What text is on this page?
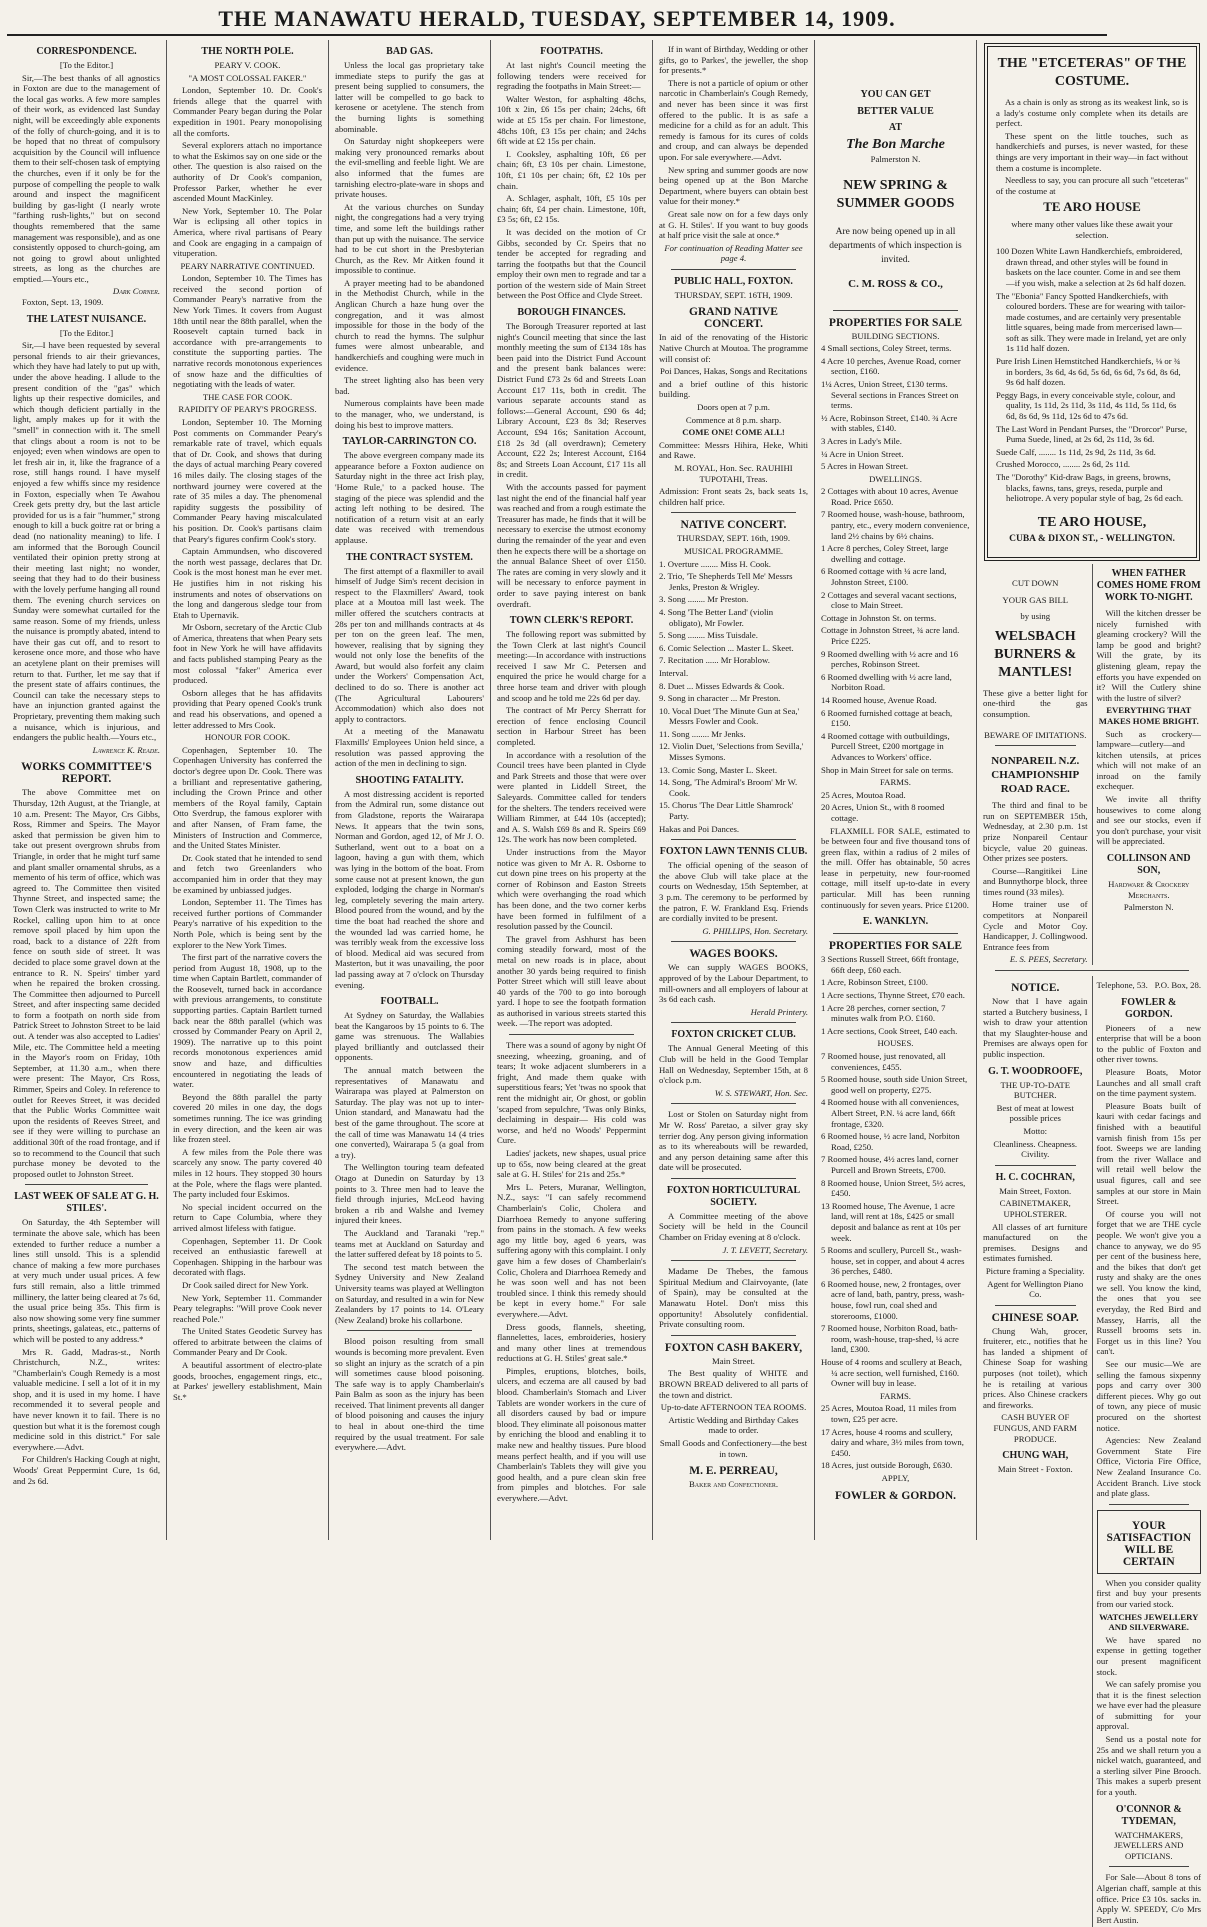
THE MANAWATU HERALD, TUESDAY, SEPTEMBER 14, 1909.
CORRESPONDENCE.
[To the Editor.]

Sir,—The best thanks of all agnostics in Foxton are due to the management of the local gas works. A few more samples of their work, as evidenced last Sunday night, will be exceedingly able exponents of the folly of church-going, and it is to be hoped that no threat of compulsory acquisition by the Council will influence them to their self-chosen task of emptying the churches, even if it only be for the purpose of compelling the people to walk around and inspect the magnificent building by gas-light (I nearly wrote "farthing rush-lights," but on second thoughts remembered that the same management was responsible), and as one consistently opposed to church-going, am not going to growl about unlighted streets, as long as the churches are emptied.—Yours etc.,

Dark Corner.

Foxton, Sept. 13, 1909.

THE LATEST NUISANCE.
[To the Editor.]

Sir,—I have been requested by several personal friends to air their grievances, which they have had lately to put up with, under the above heading. I allude to the present condition of the "gas" which lights up their respective domiciles, and which though deficient partially in the light, amply makes up for it with the "smell" in connection with it. The smell that clings about a room is not to be enjoyed; even when windows are open to let fresh air in, it, like the fragrance of a rose, still hangs round. I have myself enjoyed a few whiffs since my residence in Foxton, especially when Te Awahou Creek gets pretty dry, but the last article provided for us is a fair "hummer," strong enough to kill a buck goitre rat or bring a dead (no nationality meaning) to life. I am informed that the Borough Council ventilated their opinion pretty strong at their meeting last night; no wonder, seeing that they had to do their business with the lovely perfume hanging all round them. The evening church services on Sunday were somewhat curtailed for the same reason. Some of my friends, unless the nuisance is promptly abated, intend to have their gas cut off, and to resort to kerosene once more, and those who have an acetylene plant on their premises will return to that. Further, let me say that if the present state of affairs continues, the Council can take the necessary steps to have an injunction granted against the Proprietary, preventing them making such a nuisance, which is injurious, and endangers the public health.—Yours etc.,

Lawrence K. Reade.
WORKS COMMITTEE'S REPORT.

The above Committee met on Thursday, 12th August, at the Triangle, at 10 a.m. Present: The Mayor, Crs Gibbs, Ross, Rimmer and Speirs. The Mayor asked that permission be given him to take out present overgrown shrubs from Triangle, in order that he might turf same and plant smaller ornamental shrubs, as a memento of his term of office, which was agreed to. The Committee then visited Thynne Street, and inspected same; the Town Clerk was instructed to write to Mr Rockel, calling upon him to at once remove spoil placed by him upon the road, back to a distance of 22ft from fence on south side of street. It was decided to place some gravel down at the entrance to R. N. Speirs' timber yard when he repaired the broken crossing. The Committee then adjourned to Purcell Street, and after inspecting same decided to form a footpath on north side from Patrick Street to Johnston Street to be laid out. A tender was also accepted to Ladies' Mile, etc. The Committee held a meeting in the Mayor's room on Friday, 10th September, at 11.30 a.m., when there were present: The Mayor, Crs Ross, Rimmer, Speirs and Coley. In reference to outlet for Reeves Street, it was decided that the Public Works Committee wait upon the residents of Reeves Street, and see if they were willing to purchase an additional 30ft of the road frontage, and if so to recommend to the Council that such purchase money be devoted to the proposed outlet to Johnston Street.

LAST WEEK OF SALE AT G. H. STILES'.

On Saturday, the 4th September will terminate the above sale, which has been extended to further reduce a number a lines still unsold. This is a splendid chance of making a few more purchases at very much under usual prices. A few furs still remain, also a little trimmed millinery, the latter being cleared at 7s 6d, the usual price being 35s. This firm is also now showing some very fine summer prints, sheetings, galateas, etc., patterns of which will be posted to any address.*

Mrs R. Gadd, Madras-st., North Christchurch, N.Z., writes: "Chamberlain's Cough Remedy is a most valuable medicine. I sell a lot of it in my shop, and it is used in my home. I have recommended it to several people and have never known it to fail. There is no question but what it is the foremost cough medicine sold in this district." For sale everywhere.—Advt.

For Children's Hacking Cough at night, Woods' Great Peppermint Cure, 1s 6d, and 2s 6d.

THE NORTH POLE.
PEARY V. COOK.
"A MOST COLOSSAL FAKER."

London, September 10. Dr. Cook's friends allege that the quarrel with Commander Peary began during the Polar expedition in 1901. Peary monopolising all the comforts.

Several explorers attach no importance to what the Eskimos say on one side or the other. The question is also raised on the authority of Dr Cook's companion, Professor Parker, whether he ever ascended Mount MacKinley.

New York, September 10. The Polar War is eclipsing all other topics in America, where rival partisans of Peary and Cook are engaging in a campaign of vituperation.

PEARY NARRATIVE CONTINUED.

London, September 10. The Times has received the second portion of Commander Peary's narrative from the New York Times. It covers from August 18th until near the 88th parallel, when the Roosevelt captain turned back in accordance with pre-arrangements to constitute the supporting parties. The narrative records monotonous experiences of snow haze and the difficulties of negotiating with the leads of water.

THE CASE FOR COOK.
RAPIDITY OF PEARY'S PROGRESS.

London, September 10. The Morning Post comments on Commander Peary's remarkable rate of travel, which equals that of Dr. Cook, and shows that during the days of actual marching Peary covered 16 miles daily. The closing stages of the northward journey were covered at the rate of 35 miles a day. The phenomenal rapidity suggests the possibility of Commander Peary having miscalculated his position. Dr. Cook's partisans claim that Peary's figures confirm Cook's story.

Captain Ammundsen, who discovered the north west passage, declares that Dr. Cook is the most honest man he ever met. He justifies him in not risking his instruments and notes of observations on the long and dangerous sledge tour from Etah to Upernavik.

Mr Osborn, secretary of the Arctic Club of America, threatens that when Peary sets foot in New York he will have affidavits and facts published stamping Peary as the most colossal "faker" America ever produced.

Osborn alleges that he has affidavits providing that Peary opened Cook's trunk and read his observations, and opened a letter addressed to Mrs Cook.

HONOUR FOR COOK.

Copenhagen, September 10. The Copenhagen University has conferred the doctor's degree upon Dr. Cook. There was a brilliant and representative gathering, including the Crown Prince and other members of the Royal family, Captain Otto Sverdrup, the famous explorer with and after Nansen, of Fram fame, the Ministers of Instruction and Commerce, and the United States Minister.

Dr. Cook stated that he intended to send and fetch two Greenlanders who accompanied him in order that they may be examined by unbiassed judges.

London, September 11. The Times has received further portions of Commander Peary's narrative of his expedition to the North Pole, which is being sent by the explorer to the New York Times.

The first part of the narrative covers the period from August 18, 1908, up to the time when Captain Bartlett, commander of the Roosevelt, turned back in accordance with previous arrangements, to constitute supporting parties. Captain Bartlett turned back near the 88th parallel (which was crossed by Commander Peary on April 2, 1909). The narrative up to this point records monotonous experiences amid snow and haze, and difficulties encountered in negotiating the leads of water.

Beyond the 88th parallel the party covered 20 miles in one day, the dogs sometimes running. The ice was grinding in every direction, and the keen air was like frozen steel.

A few miles from the Pole there was scarcely any snow. The party covered 40 miles in 12 hours. They stopped 30 hours at the Pole, where the flags were planted. The party included four Eskimos.

No special incident occurred on the return to Cape Columbia, where they arrived almost lifeless with fatigue.

Copenhagen, September 11. Dr Cook received an enthusiastic farewell at Copenhagen. Shipping in the harbour was decorated with flags.

Dr Cook sailed direct for New York.

New York, September 11. Commander Peary telegraphs: "Will prove Cook never reached Pole."

The United States Geodetic Survey has offered to arbitrate between the claims of Commander Peary and Dr Cook.

A beautiful assortment of electro-plate goods, brooches, engagement rings, etc., at Parkes' jewellery establishment, Main St.*

BAD GAS.

Unless the local gas proprietary take immediate steps to purify the gas at present being supplied to consumers, the latter will be compelled to go back to kerosene or acetylene. The stench from the burning lights is something abominable.

On Saturday night shopkeepers were making very pronounced remarks about the evil-smelling and feeble light. We are also informed that the fumes are tarnishing electro-plate-ware in shops and private houses.

At the various churches on Sunday night, the congregations had a very trying time, and some left the buildings rather than put up with the nuisance. The service had to be cut short in the Presbyterian Church, as the Rev. Mr Aitken found it impossible to continue.

A prayer meeting had to be abandoned in the Methodist Church, while in the Anglican Church a haze hung over the congregation, and it was almost impossible for those in the body of the church to read the hymns. The sulphur fumes were almost unbearable, and handkerchiefs and coughing were much in evidence.

The street lighting also has been very bad.

Numerous complaints have been made to the manager, who, we understand, is doing his best to improve matters.

TAYLOR-CARRINGTON CO.

The above evergreen company made its appearance before a Foxton audience on Saturday night in the three act Irish play, 'Home Rule,' to a packed house. The staging of the piece was splendid and the acting left nothing to be desired. The notification of a return visit at an early date was received with tremendous applause.

THE CONTRACT SYSTEM.

The first attempt of a flaxmiller to avail himself of Judge Sim's recent decision in respect to the Flaxmillers' Award, took place at a Moutoa mill last week. The miller offered the scutchers contracts at 28s per ton and millhands contracts at 4s per ton on the green leaf. The men, however, realising that by signing they would not only lose the benefits of the Award, but would also forfeit any claim under the Workers' Compensation Act, declined to do so. There is another act (The Agricultural Labourers' Accommodation) which also does not apply to contractors.

At a meeting of the Manawatu Flaxmills' Employees Union held since, a resolution was passed approving the action of the men in declining to sign.

SHOOTING FATALITY.

A most distressing accident is reported from the Admiral run, some distance out from Gladstone, reports the Wairarapa News. It appears that the twin sons, Norman and Gordon, aged 12, of Mr J. O. Sutherland, went out to a boat on a lagoon, having a gun with them, which was lying in the bottom of the boat. From some cause not at present known, the gun exploded, lodging the charge in Norman's leg, completely severing the main artery. Blood poured from the wound, and by the time the boat had reached the shore and the wounded lad was carried home, he was terribly weak from the excessive loss of blood. Medical aid was secured from Masterton, but it was unavailing, the poor lad passing away at 7 o'clock on Thursday evening.

FOOTBALL.

At Sydney on Saturday, the Wallabies beat the Kangaroos by 15 points to 6. The game was strenuous. The Wallabies played brilliantly and outclassed their opponents.

The annual match between the representatives of Manawatu and Wairarapa was played at Palmerston on Saturday. The play was not up to inter-Union standard, and Manawatu had the best of the game throughout. The score at the call of time was Manawatu 14 (4 tries one converted), Wairarapa 5 (a goal from a try).

The Wellington touring team defeated Otago at Dunedin on Saturday by 13 points to 3. Three men had to leave the field through injuries, McLeod having broken a rib and Walshe and Ivemey injured their knees.

The Auckland and Taranaki "rep." teams met at Auckland on Saturday and the latter suffered defeat by 18 points to 5.

The second test match between the Sydney University and New Zealand University teams was played at Wellington on Saturday, and resulted in a win for New Zealanders by 17 points to 14. O'Leary (New Zealand) broke his collarbone.

Blood poison resulting from small wounds is becoming more prevalent. Even so slight an injury as the scratch of a pin will sometimes cause blood poisoning. The safe way is to apply Chamberlain's Pain Balm as soon as the injury has been received. That liniment prevents all danger of blood poisoning and causes the injury to heal in about one-third the time required by the usual treatment. For sale everywhere.—Advt.

FOOTPATHS.

At last night's Council meeting the following tenders were received for regrading the footpaths in Main Street:—

Walter Weston, for asphalting 48chs, 10ft x 2in, £6 15s per chain; 24chs, 6ft wide at £5 15s per chain. For limestone, 48chs 10ft, £3 15s per chain; and 24chs 6ft wide at £2 15s per chain.

I. Cooksley, asphalting 10ft, £6 per chain; 6ft, £3 10s per chain. Limestone, 10ft, £1 10s per chain; 6ft, £2 10s per chain.

A. Schlager, asphalt, 10ft, £5 10s per chain; 6ft, £4 per chain. Limestone, 10ft, £3 5s; 6ft, £2 15s.

It was decided on the motion of Cr Gibbs, seconded by Cr. Speirs that no tender be accepted for regrading and tarring the footpaths but that the Council employ their own men to regrade and tar a portion of the western side of Main Street between the Post Office and Clyde Street.

BOROUGH FINANCES.

The Borough Treasurer reported at last night's Council meeting that since the last monthly meeting the sum of £134 18s has been paid into the District Fund Account and the present bank balances were: District Fund £73 2s 6d and Streets Loan Account £17 11s, both in credit. The various separate accounts stand as follows:—General Account, £90 6s 4d; Library Account, £23 8s 3d; Reserves Account, £94 16s; Sanitation Account, £18 2s 3d (all overdrawn); Cemetery Account, £22 2s; Interest Account, £164 8s; and Streets Loan Account, £17 11s all in credit.

With the accounts passed for payment last night the end of the financial half year was reached and from a rough estimate the Treasurer has made, he finds that it will be necessary to exercise the utmost economy during the remainder of the year and even then he expects there will be a shortage on the annual Balance Sheet of over £150. The rates are coming in very slowly and it will be necessary to enforce payment in order to save paying interest on bank overdraft.

TOWN CLERK'S REPORT.

The following report was submitted by the Town Clerk at last night's Council meeting:—In accordance with instructions received I saw Mr C. Petersen and enquired the price he would charge for a three horse team and driver with plough and scoop and he told me 22s 6d per day.

The contract of Mr Percy Sherratt for erection of fence enclosing Council section in Harbour Street has been completed.

In accordance with a resolution of the Council trees have been planted in Clyde and Park Streets and those that were over were planted in Liddell Street, the Saleyards. Committee called for tenders for the shelters. The tenders received were William Rimmer, at £44 10s (accepted); and A. S. Walsh £69 8s and R. Speirs £69 12s. The work has now been completed.

Under instructions from the Mayor notice was given to Mr A. R. Osborne to cut down pine trees on his property at the corner of Robinson and Easton Streets which were overhanging the road which has been done, and the two corner kerbs have been formed in fulfilment of a resolution passed by the Council.

The gravel from Ashhurst has been coming steadily forward, most of the metal on new roads is in place, about another 30 yards being required to finish Potter Street which will still leave about 40 yards of the 700 to go into borough yard. I hope to see the footpath formation as authorised in various streets started this week. —The report was adopted.

There was a sound of agony by night Of sneezing, wheezing, groaning, and of tears; It woke adjacent slumberers in a fright, And made them quake with superstitious fears; Yet 'twas no spook that rent the midnight air, Or ghost, or goblin 'scaped from sepulchre, 'Twas only Binks, declaiming in despair— His cold was worse, and he'd no Woods' Peppermint Cure.

Ladies' jackets, new shapes, usual price up to 65s, now being cleared at the great sale at G. H. Stiles' for 21s and 25s.*

Mrs L. Peters, Muranar, Wellington, N.Z., says: "I can safely recommend Chamberlain's Colic, Cholera and Diarrhoea Remedy to anyone suffering from pains in the stomach. A few weeks ago my little boy, aged 6 years, was suffering agony with this complaint. I only gave him a few doses of Chamberlain's Colic, Cholera and Diarrhoea Remedy and he was soon well and has not been troubled since. I think this remedy should be kept in every home." For sale everywhere.—Advt.

Dress goods, flannels, sheeting, flannelettes, laces, embroideries, hosiery and many other lines at tremendous reductions at G. H. Stiles' great sale.*

Pimples, eruptions, blotches, boils, ulcers, and eczema are all caused by bad blood. Chamberlain's Stomach and Liver Tablets are wonder workers in the cure of all disorders caused by bad or impure blood. They eliminate all poisonous matter by enriching the blood and enabling it to make new and healthy tissues. Pure blood means perfect health, and if you will use Chamberlain's Tablets they will give you good health, and a pure clean skin free from pimples and blotches. For sale everywhere.—Advt.

If in want of Birthday, Wedding or other gifts, go to Parkes', the jeweller, the shop for presents.*

There is not a particle of opium or other narcotic in Chamberlain's Cough Remedy, and never has been since it was first offered to the public. It is as safe a medicine for a child as for an adult. This remedy is famous for its cures of colds and croup, and can always be depended upon. For sale everywhere.—Advt.

New spring and summer goods are now being opened up at the Bon Marche Department, where buyers can obtain best value for their money.*

Great sale now on for a few days only at G. H. Stiles'. If you want to buy goods at half price visit the sale at once.*

For continuation of Reading Matter see page 4.
PUBLIC HALL, FOXTON.
THURSDAY, SEPT. 16TH, 1909.
GRAND NATIVE CONCERT.

In aid of the renovating of the Historic Native Church at Moutoa. The programme will consist of:

Poi Dances, Hakas, Songs and Recitations

and a brief outline of this historic building.

Doors open at 7 p.m.
Commence at 8 p.m. sharp.
COME ONE! COME ALL!

Committee: Messrs Hihira, Heke, Whiti and Rawe.

M. ROYAL, Hon. Sec. RAUHIHI TUPOTAHI, Treas.

Admission: Front seats 2s, back seats 1s, children half price.

NATIVE CONCERT.
THURSDAY, SEPT. 16th, 1909.
MUSICAL PROGRAMME.
1. Overture ........ Miss H. Cook.
2. Trio, 'Te Shepherds Tell Me' Messrs Jenks, Preston & Wrigley.
3. Song ........ Mr Preston.
4. Song 'The Better Land' (violin obligato), Mr Fowler.
5. Song ........ Miss Tuisdale.
6. Comic Selection ... Master L. Skeet.
7. Recitation ...... Mr Horablow.
Interval.
8. Duet ... Misses Edwards & Cook.
9. Song in character ... Mr Preston.
10. Vocal Duet 'The Minute Gun at Sea,' Messrs Fowler and Cook.
11. Song ........ Mr Jenks.
12. Violin Duet, 'Selections from Sevilla,' Misses Symons.
13. Comic Song, Master L. Skeet.
14. Song, 'The Admiral's Broom' Mr W. Cook.
15. Chorus 'The Dear Little Shamrock' Party.
Hakas and Poi Dances.
FOXTON LAWN TENNIS CLUB.

The official opening of the season of the above Club will take place at the courts on Wednesday, 15th September, at 3 p.m. The ceremony to be performed by the patron, F. W. Frankland Esq. Friends are cordially invited to be present.

G. PHILLIPS, Hon. Secretary.
WAGES BOOKS.

We can supply WAGES BOOKS, approved of by the Labour Department, to mill-owners and all employers of labour at 3s 6d each cash.

Herald Printery.
FOXTON CRICKET CLUB.

The Annual General Meeting of this Club will be held in the Good Templar Hall on Wednesday, September 15th, at 8 o'clock p.m.

W. S. STEWART, Hon. Sec.

Lost or Stolen on Saturday night from Mr W. Ross' Paretao, a silver gray sky terrier dog. Any person giving information as to its whereabouts will be rewarded, and any person detaining same after this date will be prosecuted.

FOXTON HORTICULTURAL SOCIETY.

A Committee meeting of the above Society will be held in the Council Chamber on Friday evening at 8 o'clock.

J. T. LEVETT, Secretary.

Madame De Thebes, the famous Spiritual Medium and Clairvoyante, (late of Spain), may be consulted at the Manawatu Hotel. Don't miss this opportunity! Absolutely confidential. Private consulting room.

FOXTON CASH BAKERY,
Main Street.

The Best quality of WHITE and BROWN BREAD delivered to all parts of the town and district.

Up-to-date AFTERNOON TEA ROOMS.
Artistic Wedding and Birthday Cakes made to order.
Small Goods and Confectionery—the best in town.
M. E. PERREAU,
Baker and Confectioner.
YOU CAN GET
BETTER VALUE
AT
The Bon Marche
Palmerston N.
NEW SPRING & SUMMER GOODS

Are now being opened up in all departments of which inspection is invited.

C. M. ROSS & CO.,
PROPERTIES FOR SALE
BUILDING SECTIONS.
4 Small sections, Coley Street, terms.
4 Acre 10 perches, Avenue Road, corner section, £160.
1¼ Acres, Union Street, £130 terms. Several sections in Frances Street on terms.
½ Acre, Robinson Street, £140. ¾ Acre with stables, £140.
3 Acres in Lady's Mile.
¼ Acre in Union Street.
5 Acres in Howan Street.
DWELLINGS.
2 Cottages with about 10 acres, Avenue Road. Price £650.
7 Roomed house, wash-house, bathroom, pantry, etc., every modern convenience, land 2½ chains by 6½ chains.
1 Acre 8 perches, Coley Street, large dwelling and cottage.
6 Roomed cottage with ¼ acre land, Johnston Street, £100.
2 Cottages and several vacant sections, close to Main Street.
Cottage in Johnston St. on terms.
Cottage in Johnston Street, ¾ acre land. Price £225.
9 Roomed dwelling with ½ acre and 16 perches, Robinson Street.
6 Roomed dwelling with ½ acre land, Norbiton Road.
14 Roomed house, Avenue Road.
6 Roomed furnished cottage at beach, £150.
4 Roomed cottage with outbuildings, Purcell Street, £200 mortgage in Advances to Workers' office.
Shop in Main Street for sale on terms.
FARMS.
25 Acres, Moutoa Road.
20 Acres, Union St., with 8 roomed cottage.

FLAXMILL FOR SALE, estimated to be between four and five thousand tons of green flax, within a radius of 2 miles of the mill. Offer has obtainable, 50 acres lease in perpetuity, new four-roomed cottage, mill itself up-to-date in every particular. Mill has been running continuously for seven years. Price £1200.

E. WANKLYN.
PROPERTIES FOR SALE
3 Sections Russell Street, 66ft frontage, 66ft deep, £60 each.
1 Acre, Robinson Street, £100.
1 Acre sections, Thynne Street, £70 each.
1 Acre 28 perches, corner section, 7 minutes walk from P.O. £160.
1 Acre sections, Cook Street, £40 each.
HOUSES.
7 Roomed house, just renovated, all conveniences, £455.
5 Roomed house, south side Union Street, good well on property, £275.
4 Roomed house with all conveniences, Albert Street, P.N. ¼ acre land, 66ft frontage, £320.
6 Roomed house, ½ acre land, Norbiton Road, £250.
7 Roomed house, 4½ acres land, corner Purcell and Brown Streets, £700.
8 Roomed house, Union Street, 5½ acres, £450.
13 Roomed house, The Avenue, 1 acre land, will rent at 18s, £425 or small deposit and balance as rent at 10s per week.
5 Rooms and scullery, Purcell St., wash-house, set in copper, and about 4 acres 36 perches, £480.
6 Roomed house, new, 2 frontages, over acre of land, bath, pantry, press, wash-house, fowl run, coal shed and storerooms, £1000.
7 Roomed house, Norbiton Road, bath-room, wash-house, trap-shed, ¼ acre land, £300.
House of 4 rooms and scullery at Beach, ¼ acre section, well furnished, £160. Owner will buy in lease.
FARMS.
25 Acres, Moutoa Road, 11 miles from town, £25 per acre.
17 Acres, house 4 rooms and scullery, dairy and whare, 3½ miles from town, £450.
18 Acres, just outside Borough, £630.
APPLY,
FOWLER & GORDON.
THE "ETCETERAS" OF THE COSTUME.

As a chain is only as strong as its weakest link, so is a lady's costume only complete when its details are perfect.

These spent on the little touches, such as handkerchiefs and purses, is never wasted, for these things are very important in their way—in fact without them a costume is incomplete.

Needless to say, you can procure all such "etceteras" of the costume at

TE ARO HOUSE
where many other values like these await your selection.
100 Dozen White Lawn Handkerchiefs, embroidered, drawn thread, and other styles will be found in baskets on the lace counter. Come in and see them—if you wish, make a selection at 2s 6d half dozen.
The "Ebonia" Fancy Spotted Handkerchiefs, with coloured borders. These are for wearing with tailor-made costumes, and are certainly very presentable little squares, being made from mercerised lawn—soft as silk. They were made in Ireland, yet are only 1s 11d half dozen.
Pure Irish Linen Hemstitched Handkerchiefs, ⅛ or ¾ in borders, 3s 6d, 4s 6d, 5s 6d, 6s 6d, 7s 6d, 8s 6d, 9s 6d half dozen.
Peggy Bags, in every conceivable style, colour, and quality, 1s 11d, 2s 11d, 3s 11d, 4s 11d, 5s 11d, 6s 6d, 8s 6d, 9s 11d, 12s 6d to 47s 6d.
The Last Word in Pendant Purses, the "Drorcor" Purse, Puma Suede, lined, at 2s 6d, 2s 11d, 3s 6d.
Suede Calf, ........ 1s 11d, 2s 9d, 2s 11d, 3s 6d.
Crushed Morocco, ........ 2s 6d, 2s 11d.
The "Dorothy" Kid-draw Bags, in greens, browns, blacks, fawns, tans, greys, reseda, purple and heliotrope. A very popular style of bag, 2s 6d each.
TE ARO HOUSE,
CUBA & DIXON ST., - WELLINGTON.
CUT DOWN
YOUR GAS BILL
by using
WELSBACH BURNERS & MANTLES!

These give a better light for one-third the gas consumption.

BEWARE OF IMITATIONS.
NONPAREIL N.Z. CHAMPIONSHIP ROAD RACE.

The third and final to be run on SEPTEMBER 15th, Wednesday, at 2.30 p.m. 1st prize Nonpareil Centaur bicycle, value 20 guineas. Other prizes see posters.

Course—Rangitikei Line and Bunnythorpe block, three times round (33 miles).

Home trainer use of competitors at Nonpareil Cycle and Motor Coy. Handicapper, J. Collingwood. Entrance fees from

E. S. PEES, Secretary.
WHEN FATHER COMES HOME FROM WORK TO-NIGHT.

Will the kitchen dresser be nicely furnished with gleaming crockery? Will the lamp be good and bright? Will the grate, by its glistening gleam, repay the efforts you have expended on it? Will the Cutlery shine with the lustre of silver?

EVERYTHING THAT MAKES HOME BRIGHT.

Such as crockery—lampware—cutlery—and kitchen utensils, at prices which will not make of an inroad on the family exchequer.

We invite all thrifty housewives to come along and see our stocks, even if you don't purchase, your visit will be appreciated.

COLLINSON AND SON,
Hardware & Crockery Merchants.
Palmerston N.
NOTICE.

Now that I have again started a Butchery business, I wish to draw your attention that my Slaughter-house and Premises are always open for public inspection.

G. T. WOODROOFE,
THE UP-TO-DATE BUTCHER.
Best of meat at lowest possible prices
Motto:
Cleanliness. Cheapness. Civility.
H. C. COCHRAN,
Main Street, Foxton.
CABINETMAKER, UPHOLSTERER.

All classes of art furniture manufactured on the premises. Designs and estimates furnished.

Picture framing a Speciality.
Agent for Wellington Piano Co.
CHINESE SOAP.

Chung Wah, grocer, fruiterer, etc., notifies that he has landed a shipment of Chinese Soap for washing purposes (not toilet), which he is retailing at various prices. Also Chinese crackers and fireworks.

CASH BUYER OF FUNGUS, AND FARM PRODUCE.
CHUNG WAH,
Main Street - Foxton.
Telephone, 53. P.O. Box, 28.
FOWLER & GORDON.

Pioneers of a new enterprise that will be a boon to the public of Foxton and other river towns.

Pleasure Boats, Motor Launches and all small craft on the time payment system.

Pleasure Boats built of kauri with cedar facings and finished with a beautiful varnish finish from 15s per foot. Sweeps we are landing from the river Wallace and will retail well below the usual figures, call and see samples at our store in Main Street.

Of course you will not forget that we are THE cycle people. We won't give you a chance to anyway, we do 95 per cent of the business here, and the bikes that don't get rusty and shaky are the ones we sell. You know the kind, the ones that you see everyday, the Red Bird and Massey, Harris, all the Russell brooms sets in. Forget us in this line? You can't.

See our music—We are selling the famous sixpenny pops and carry over 300 different pieces. Why go out of town, any piece of music procured on the shortest notice.

Agencies: New Zealand Government State Fire Office, Victoria Fire Office, New Zealand Insurance Co. Accident Branch. Live stock and plate glass.

YOUR SATISFACTION WILL BE CERTAIN

When you consider quality first and buy your presents from our varied stock.

WATCHES JEWELLERY AND SILVERWARE.

We have spared no expense in getting together our present magnificent stock.

We can safely promise you that it is the finest selection we have ever had the pleasure of submitting for your approval.

Send us a postal note for 25s and we shall return you a nickel watch, guaranteed, and a sterling silver Pine Brooch. This makes a superb present for a youth.

O'CONNOR & TYDEMAN,
WATCHMAKERS, JEWELLERS AND OPTICIANS.

For Sale—About 8 tons of Algerian chaff, sample at this office. Price £3 10s. sacks in. Apply W. SPEEDY, C/o Mrs Bert Austin.
